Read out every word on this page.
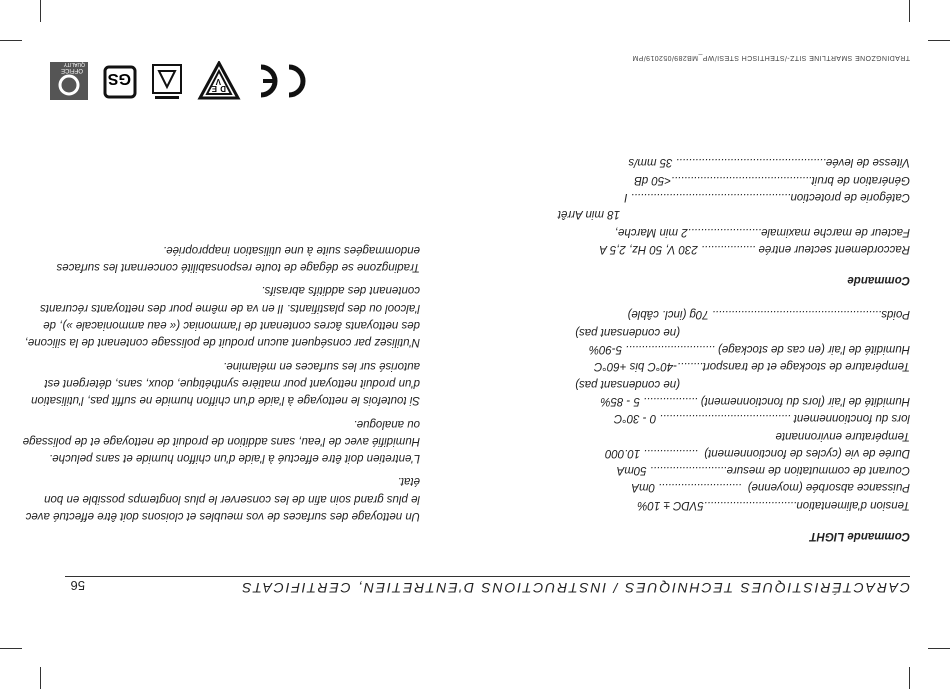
CARACTÉRISTIQUES TECHNIQUES / INSTRUCTIONS D'ENTRETIEN, CERTIFICATS
56
Commande LIGHT
Tension d'alimentation.............................5VDC ± 10%
Puissance absorbée (moyenne)  .......................... 0mA
Courant de commutation de mesure........................ 50mA
Durée de vie (cycles de fonctionnement)  ................. 10.000
Température environnante
lors du fonctionnement ......................................... 0 - 30°C
Humidité de l'air (lors du fonctionnement) ................. 5 - 85%
(ne condensant pas)
Température de stockage et de transport........-40°C bis +60°C
Humidité de l'air (en cas de stockage) ............................ 5-90%
(ne condensant pas)
Poids..................................................... 70g (incl. câble)
Commande
Raccordement secteur entrée ................. 230 V, 50 Hz, 2,5 A
Facteur de marche maximale.......................2 min Marche,
18 min Arrêt
Catégorie de protection.................................................. I
Génération de bruit............................................<50 dB
Vitesse de levée............................................... 35 mm/s

Un nettoyage des surfaces de vos meubles et cloisons doit être effectué avec le plus grand soin afin de les conserver le plus longtemps possible en bon état.

L'entretien doit être effectué à l'aide d'un chiffon humide et sans peluche. Humidifié avec de l'eau, sans addition de produit de nettoyage et de polissage ou analogue.

Si toutefois le nettoyage à l'aide d'un chiffon humide ne suffit pas, l'utilisation d'un produit nettoyant pour matière synthétique, doux, sans, détergent est autorisé sur les surfaces en mélamine.

N'utilisez par conséquent aucun produit de polissage contenant de la silicone, des nettoyants âcres contenant de l'ammoniac (« eau ammoniacale »), de l'alcool ou des plastifiants. Il en va de même pour des nettoyants récurants contenant des additifs abrasifs.

Tradingzone se dégage de toute responsabilité concernant les surfaces endommagées suite à une utilisation inappropriée.

D
V
E
GS
OFFICE
QUALITY
TRADINGZONE SMARTLINE SITZ-/STEHTISCH STESI/WP_MB289/052019/PM
